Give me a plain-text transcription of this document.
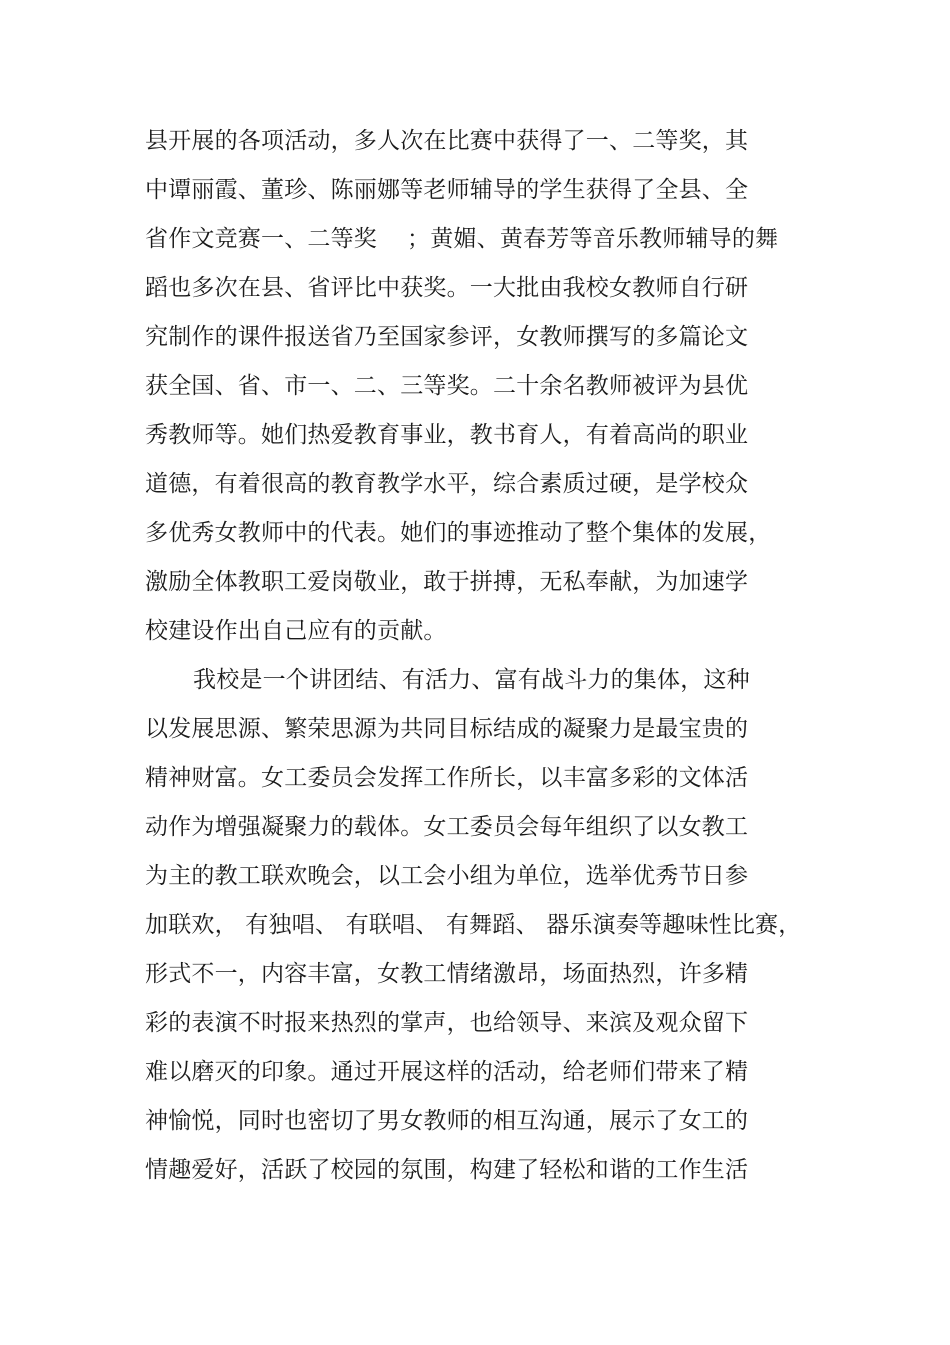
县开展的各项活动，多人次在比赛中获得了一、二等奖，其
中谭丽霞、董珍、陈丽娜等老师辅导的学生获得了全县、全
省作文竞赛一、二等奖    ；黄媚、黄春芳等音乐教师辅导的舞
蹈也多次在县、省评比中获奖。一大批由我校女教师自行研
究制作的课件报送省乃至国家参评，女教师撰写的多篇论文
获全国、省、市一、二、三等奖。二十余名教师被评为县优
秀教师等。她们热爱教育事业，教书育人，有着高尚的职业
道德，有着很高的教育教学水平，综合素质过硬，是学校众
多优秀女教师中的代表。她们的事迹推动了整个集体的发展，
激励全体教职工爱岗敬业，敢于拼搏，无私奉献，为加速学
校建设作出自己应有的贡献。
我校是一个讲团结、有活力、富有战斗力的集体，这种
以发展思源、繁荣思源为共同目标结成的凝聚力是最宝贵的
精神财富。女工委员会发挥工作所长，以丰富多彩的文体活
动作为增强凝聚力的载体。女工委员会每年组织了以女教工
为主的教工联欢晚会，以工会小组为单位，选举优秀节日参
加联欢， 有独唱、 有联唱、 有舞蹈、 器乐演奏等趣味性比赛，
形式不一，内容丰富，女教工情绪激昂，场面热烈，许多精
彩的表演不时报来热烈的掌声，也给领导、来滨及观众留下
难以磨灭的印象。通过开展这样的活动，给老师们带来了精
神愉悦，同时也密切了男女教师的相互沟通，展示了女工的
情趣爱好，活跃了校园的氛围，构建了轻松和谐的工作生活
